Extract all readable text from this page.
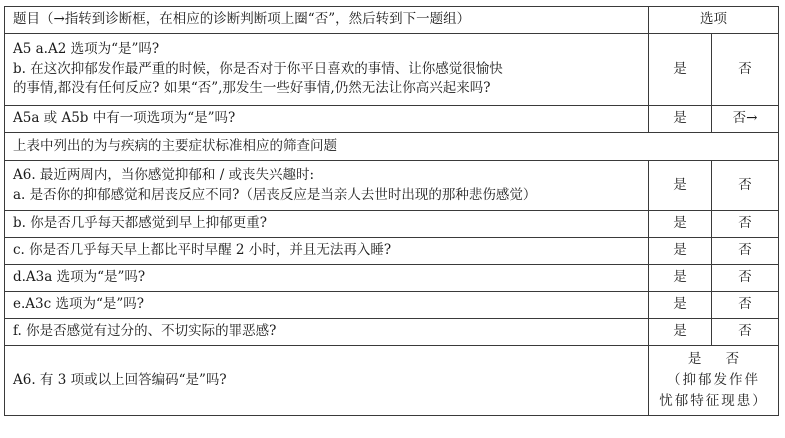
题目（→指转到诊断框，在相应的诊断判断项上圈“否”，然后转到下一题组）	选项	

A5 a.A2 选项为“是”吗?
b. 在这次抑郁发作最严重的时候，你是否对于你平日喜欢的事情、让你感觉很愉快
的事情,都没有任何反应? 如果“否”,那发生一些好事情,仍然无法让你高兴起来吗?	是	否
A5a 或 A5b 中有一项选项为“是”吗?	是	否→
上表中列出的为与疾病的主要症状标准相应的筛查问题		

A6. 最近两周内，当你感觉抑郁和 / 或丧失兴趣时:
a. 是否你的抑郁感觉和居丧反应不同?（居丧反应是当亲人去世时出现的那种悲伤感觉）	是	否
b. 你是否几乎每天都感觉到早上抑郁更重?	是	否
c. 你是否几乎每天早上都比平时早醒 2 小时，并且无法再入睡?	是	否
d.A3a 选项为“是”吗?	是	否
e.A3c 选项为“是”吗?	是	否
f. 你是否感觉有过分的、不切实际的罪恶感?	是	否
A6. 有 3 项或以上回答编码“是”吗?	是 否
（抑郁发作伴
忧郁特征现患）	
